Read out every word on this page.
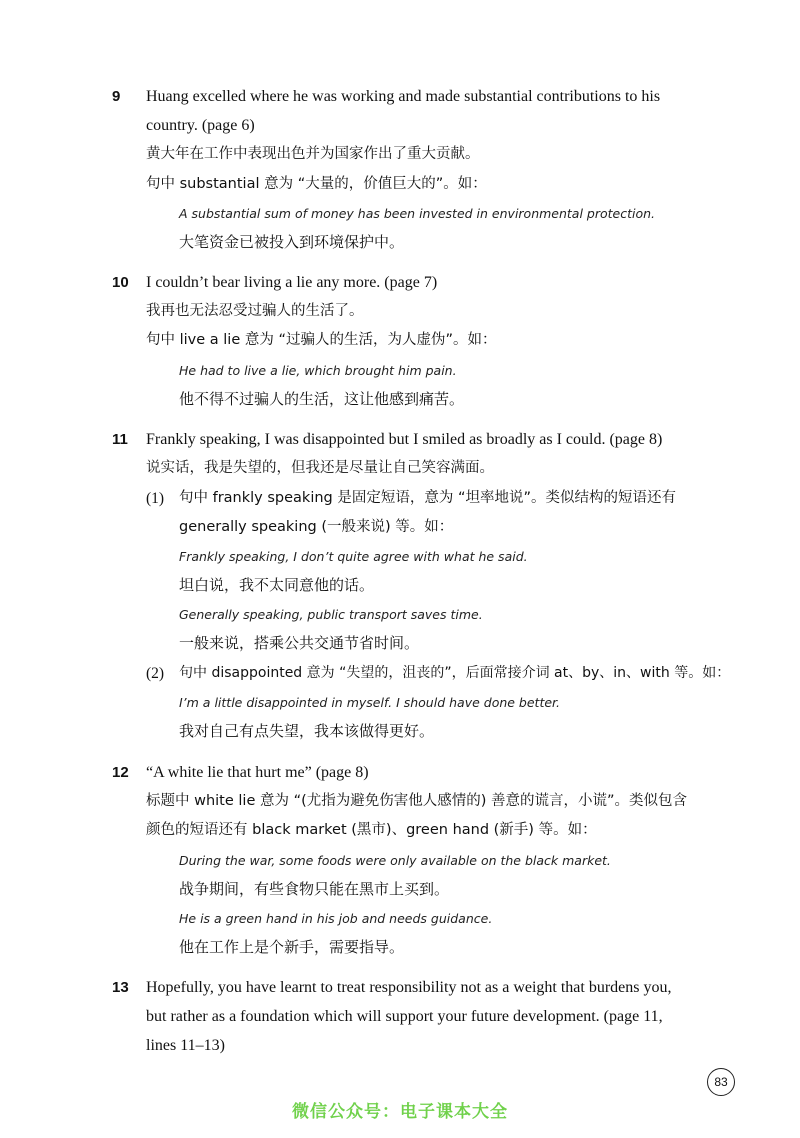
9	Huang excelled where he was working and made substantial contributions to his
country. (page 6)
黄大年在工作中表现出色并为国家作出了重大贡献。
句中 substantial 意为 “大量的，价值巨大的”。如：
A substantial sum of money has been invested in environmental protection.
大笔资金已被投入到环境保护中。
10	I couldn’t bear living a lie any more. (page 7)
我再也无法忍受过骗人的生活了。
句中 live a lie 意为 “过骗人的生活，为人虚伪”。如：
He had to live a lie, which brought him pain.
他不得不过骗人的生活，这让他感到痛苦。
11	Frankly speaking, I was disappointed but I smiled as broadly as I could. (page 8)
说实话，我是失望的，但我还是尽量让自己笑容满面。
(1) 句中 frankly speaking 是固定短语，意为 “坦率地说”。类似结构的短语还有
generally speaking (一般来说) 等。如：
Frankly speaking, I don’t quite agree with what he said.
坦白说，我不太同意他的话。
Generally speaking, public transport saves time.
一般来说，搭乘公共交通节省时间。
(2) 句中 disappointed 意为 “失望的，沮丧的”，后面常接介词 at、by、in、with 等。如：
I’m a little disappointed in myself. I should have done better.
我对自己有点失望，我本该做得更好。
12	“A white lie that hurt me” (page 8)
标题中 white lie 意为 “(尤指为避免伤害他人感情的) 善意的谎言，小谎”。类似包含
颜色的短语还有 black market (黑市)、green hand (新手) 等。如：
During the war, some foods were only available on the black market.
战争期间，有些食物只能在黑市上买到。
He is a green hand in his job and needs guidance.
他在工作上是个新手，需要指导。
13	Hopefully, you have learnt to treat responsibility not as a weight that burdens you,
but rather as a foundation which will support your future development. (page 11,
lines 11–13)
83
微信公众号：电子课本大全
